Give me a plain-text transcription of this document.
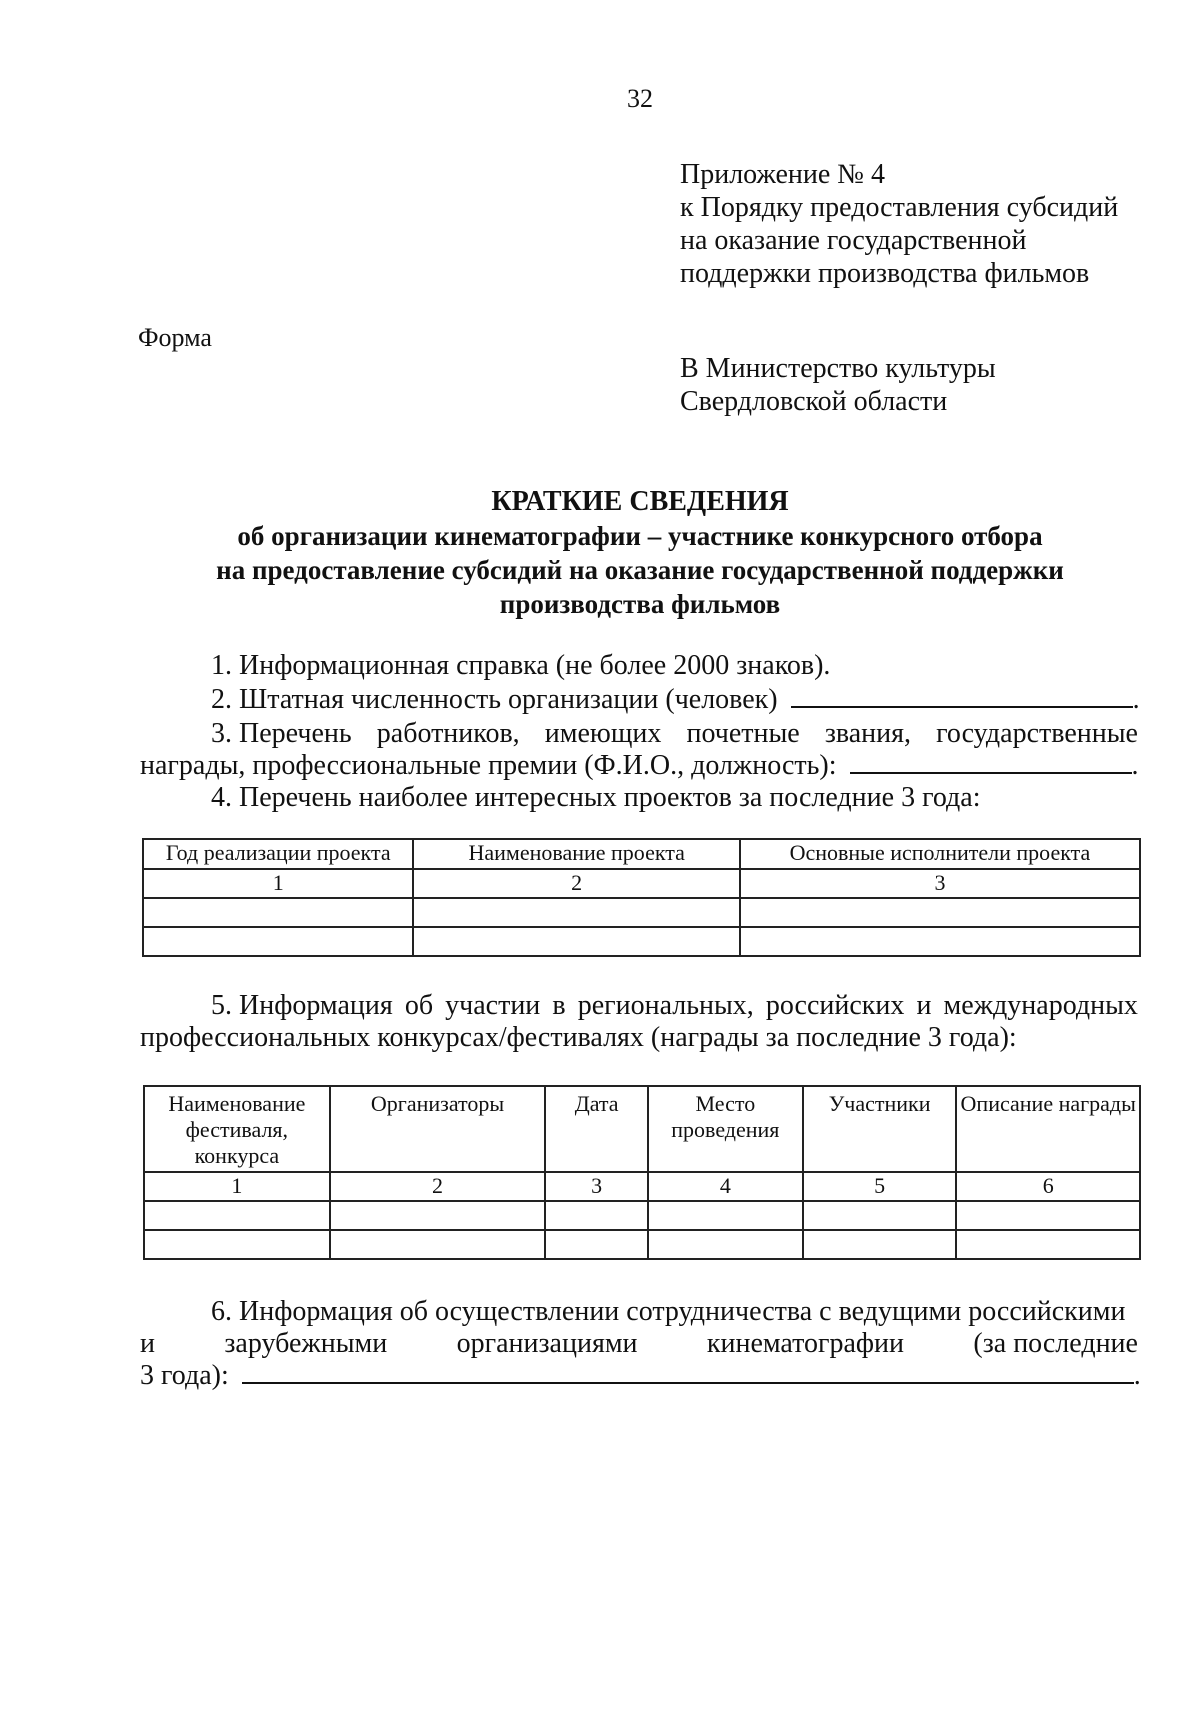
32
Приложение № 4
к Порядку предоставления субсидий
на оказание государственной
поддержки производства фильмов
Форма
В Министерство культуры
Свердловской области
КРАТКИЕ СВЕДЕНИЯ
об организации кинематографии – участнике конкурсного отбора
на предоставление субсидий на оказание государственной поддержки
производства фильмов
1. Информационная справка (не более 2000 знаков).
2. Штатная численность организации (человек)	.
3. Перечень работников, имеющих почетные звания, государственные
награды, профессиональные премии (Ф.И.О., должность):	.
4. Перечень наиболее интересных проектов за последние 3 года:
Год реализации проекта	Наименование проекта	Основные исполнители проекта
1	2	3

5. Информация об участии в региональных, российских и международных
профессиональных конкурсах/фестивалях (награды за последние 3 года):
Наименование фестиваля, конкурса	Организаторы	Дата	Место проведения	Участники	Описание награды
1	2	3	4	5	6

6. Информация об осуществлении сотрудничества с ведущими российскими
и зарубежными организациями кинематографии (за последние
3 года):	.
